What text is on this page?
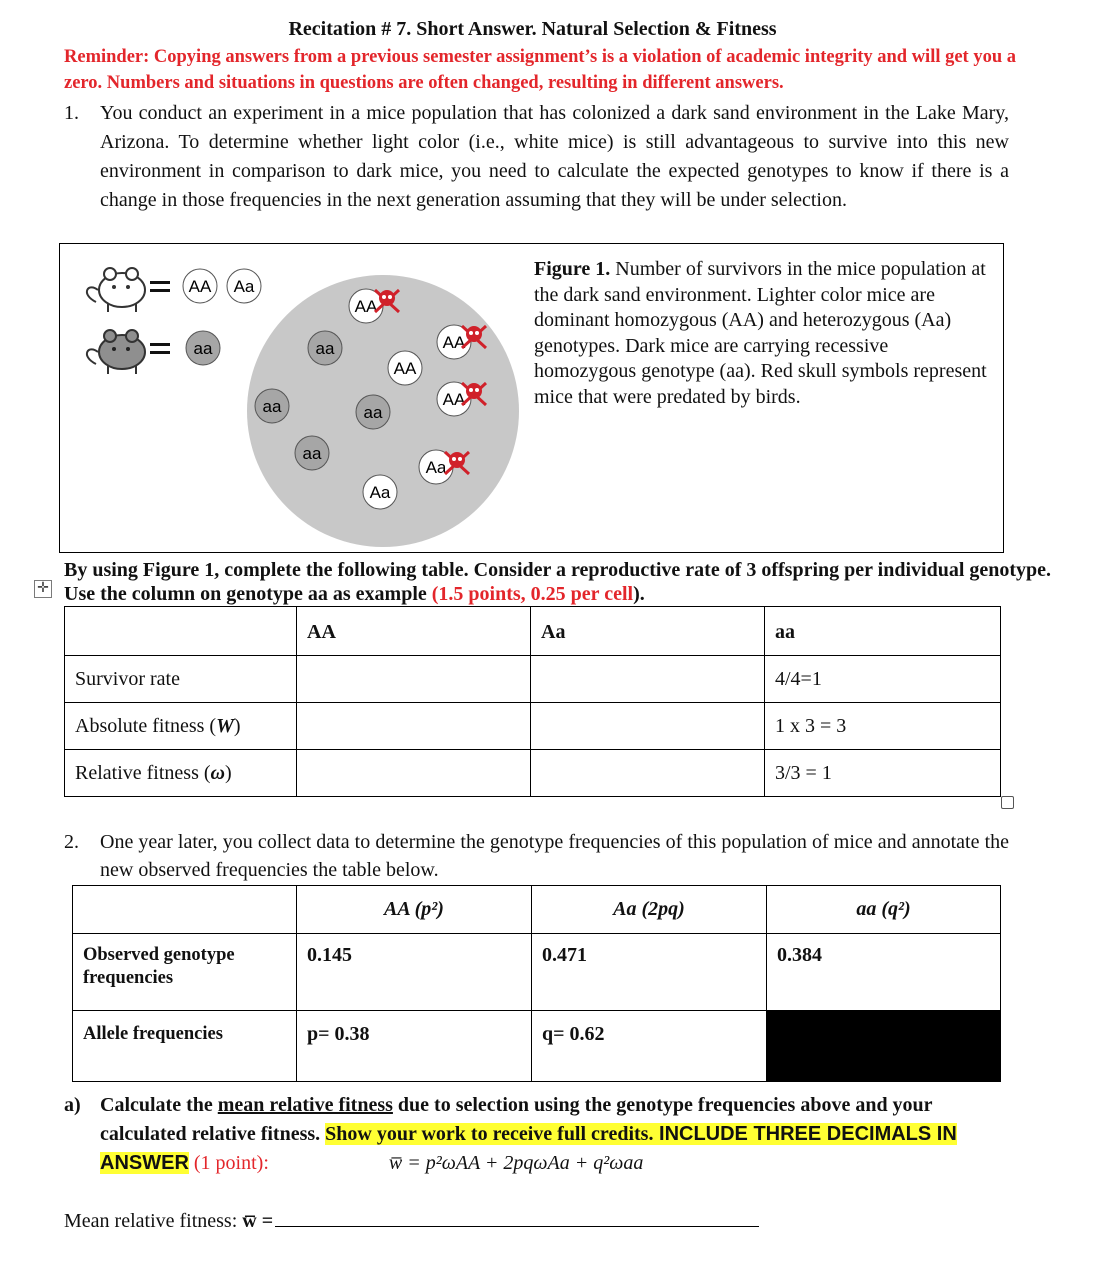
Recitation # 7. Short Answer. Natural Selection & Fitness
Reminder: Copying answers from a previous semester assignment’s is a violation of academic integrity and will get you a zero. Numbers and situations in questions are often changed, resulting in different answers.
1. You conduct an experiment in a mice population that has colonized a dark sand environment in the Lake Mary, Arizona. To determine whether light color (i.e., white mice) is still advantageous to survive into this new environment in comparison to dark mice, you need to calculate the expected genotypes to know if there is a change in those frequencies in the next generation assuming that they will be under selection.
AA Aa
aa
AA
AA
AA
AA
Aa
Aa
aa
aa	aa
aa
Figure 1. Number of survivors in the mice population at the dark sand environment. Lighter color mice are dominant homozygous (AA) and heterozygous (Aa) genotypes. Dark mice are carrying recessive homozygous genotype (aa). Red skull symbols represent mice that were predated by birds.
By using Figure 1, complete the following table. Consider a reproductive rate of 3 offspring per individual genotype. Use the column on genotype aa as example (1.5 points, 0.25 per cell).
✛
	AA	Aa	aa
Survivor rate			4/4=1
Absolute fitness (W)			1 x 3 = 3
Relative fitness (ω)			3/3 = 1
2. One year later, you collect data to determine the genotype frequencies of this population of mice and annotate the new observed frequencies the table below.
	AA (p²)	Aa (2pq)	aa (q²)
Observed genotype frequencies	0.145	0.471	0.384
Allele frequencies	p= 0.38	q= 0.62	
a) Calculate the mean relative fitness due to selection using the genotype frequencies above and your calculated relative fitness. Show your work to receive full credits. INCLUDE THREE DECIMALS IN ANSWER (1 point):	w̅ = p²ωAA + 2pqωAa + q²ωaa
Mean relative fitness: w̅ =
